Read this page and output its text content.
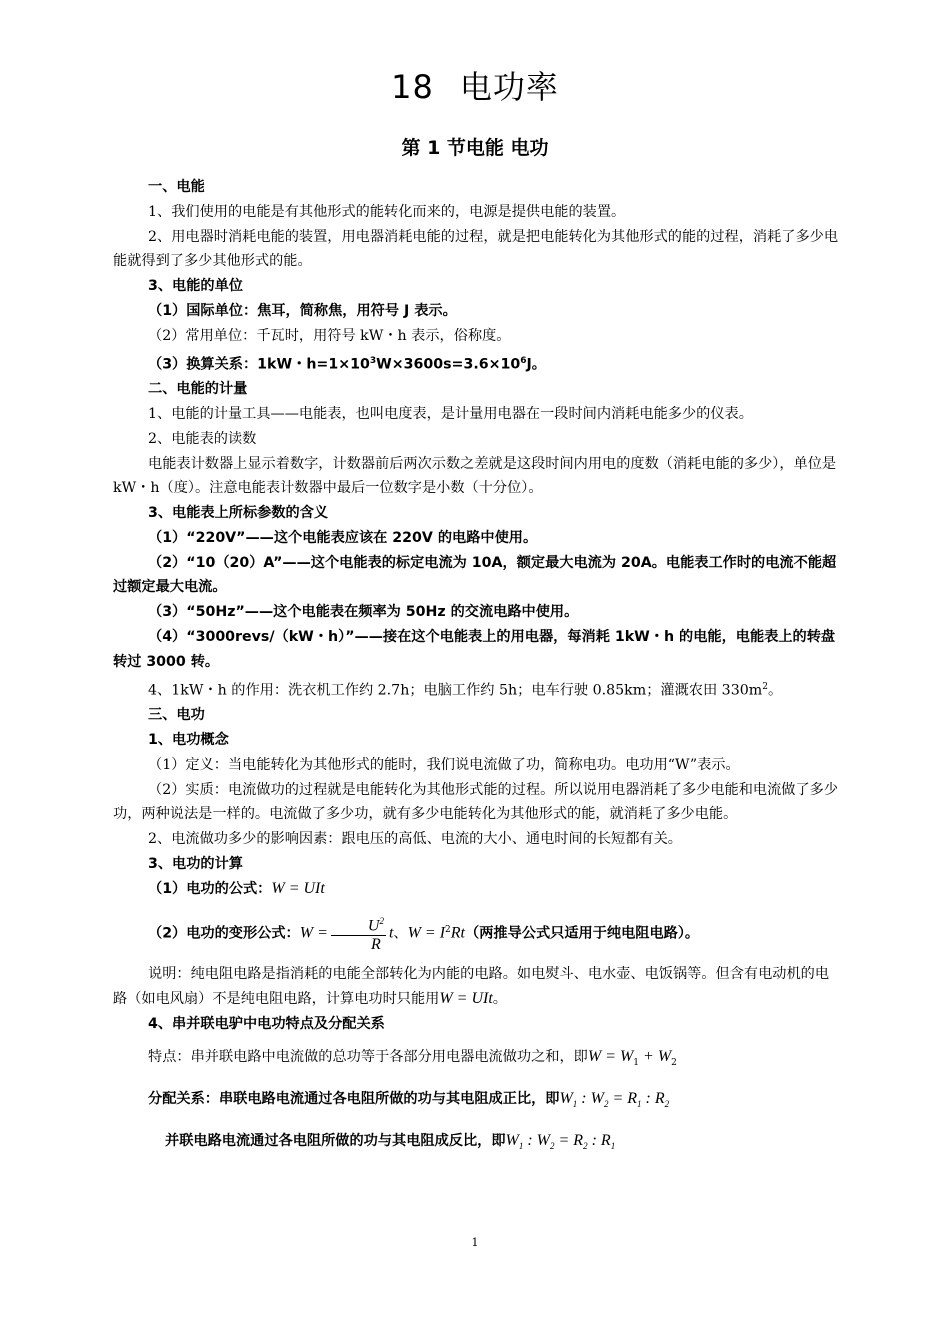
18 电功率
第 1 节电能 电功

一、电能

1、我们使用的电能是有其他形式的能转化而来的，电源是提供电能的装置。

2、用电器时消耗电能的装置，用电器消耗电能的过程，就是把电能转化为其他形式的能的过程，消耗了多少电能就得到了多少其他形式的能。

3、电能的单位

（1）国际单位：焦耳，简称焦，用符号 J 表示。

（2）常用单位：千瓦时，用符号 kW・h 表示，俗称度。

（3）换算关系：1kW・$h=1\times 10^3W\times 3600s=3.6\times 10^6J$。

二、电能的计量

1、电能的计量工具——电能表，也叫电度表，是计量用电器在一段时间内消耗电能多少的仪表。

2、电能表的读数

电能表计数器上显示着数字，计数器前后两次示数之差就是这段时间内用电的度数（消耗电能的多少），单位是 kW・h（度）。注意电能表计数器中最后一位数字是小数（十分位）。

3、电能表上所标参数的含义

（1）“220V”——这个电能表应该在 220V 的电路中使用。

（2）“10（20）A”——这个电能表的标定电流为 10A，额定最大电流为 20A。电能表工作时的电流不能超过额定最大电流。

（3）“50Hz”——这个电能表在频率为 50Hz 的交流电路中使用。

（4）“3000revs/（kW・h）”——接在这个电能表上的用电器，每消耗 1kW・h 的电能，电能表上的转盘转过 3000 转。

4、1kW・h 的作用：洗衣机工作约 2.7h；电脑工作约 5h；电车行驶 0.85km；灌溉农田 $330m^2$。

三、电功

1、电功概念

（1）定义：当电能转化为其他形式的能时，我们说电流做了功，简称电功。电功用“W”表示。

（2）实质：电流做功的过程就是电能转化为其他形式能的过程。所以说用电器消耗了多少电能和电流做了多少功，两种说法是一样的。电流做了多少功，就有多少电能转化为其他形式的能，就消耗了多少电能。

2、电流做功多少的影响因素：跟电压的高低、电流的大小、通电时间的长短都有关。

3、电功的计算

（1）电功的公式：W = UIt

（2）电功的变形公式：$W = \frac{U^2}{R}$ t、$W = I^2Rt$（两推导公式只适用于纯电阻电路）。

说明：纯电阻电路是指消耗的电能全部转化为内能的电路。如电熨斗、电水壶、电饭锅等。但含有电动机的电路（如电风扇）不是纯电阻电路，计算电功时只能用W = UIt。

4、串并联电驴中电功特点及分配关系

特点：串并联电路中电流做的总功等于各部分用电器电流做功之和，即$W = W_1 + W_2$

分配关系：串联电路电流通过各电阻所做的功与其电阻成正比，即$W_1$ : $W_2 = R_1$ : $R_2$

并联电路电流通过各电阻所做的功与其电阻成反比，即$W_1$ : $W_2 = R_2$ : $R_1$

1
